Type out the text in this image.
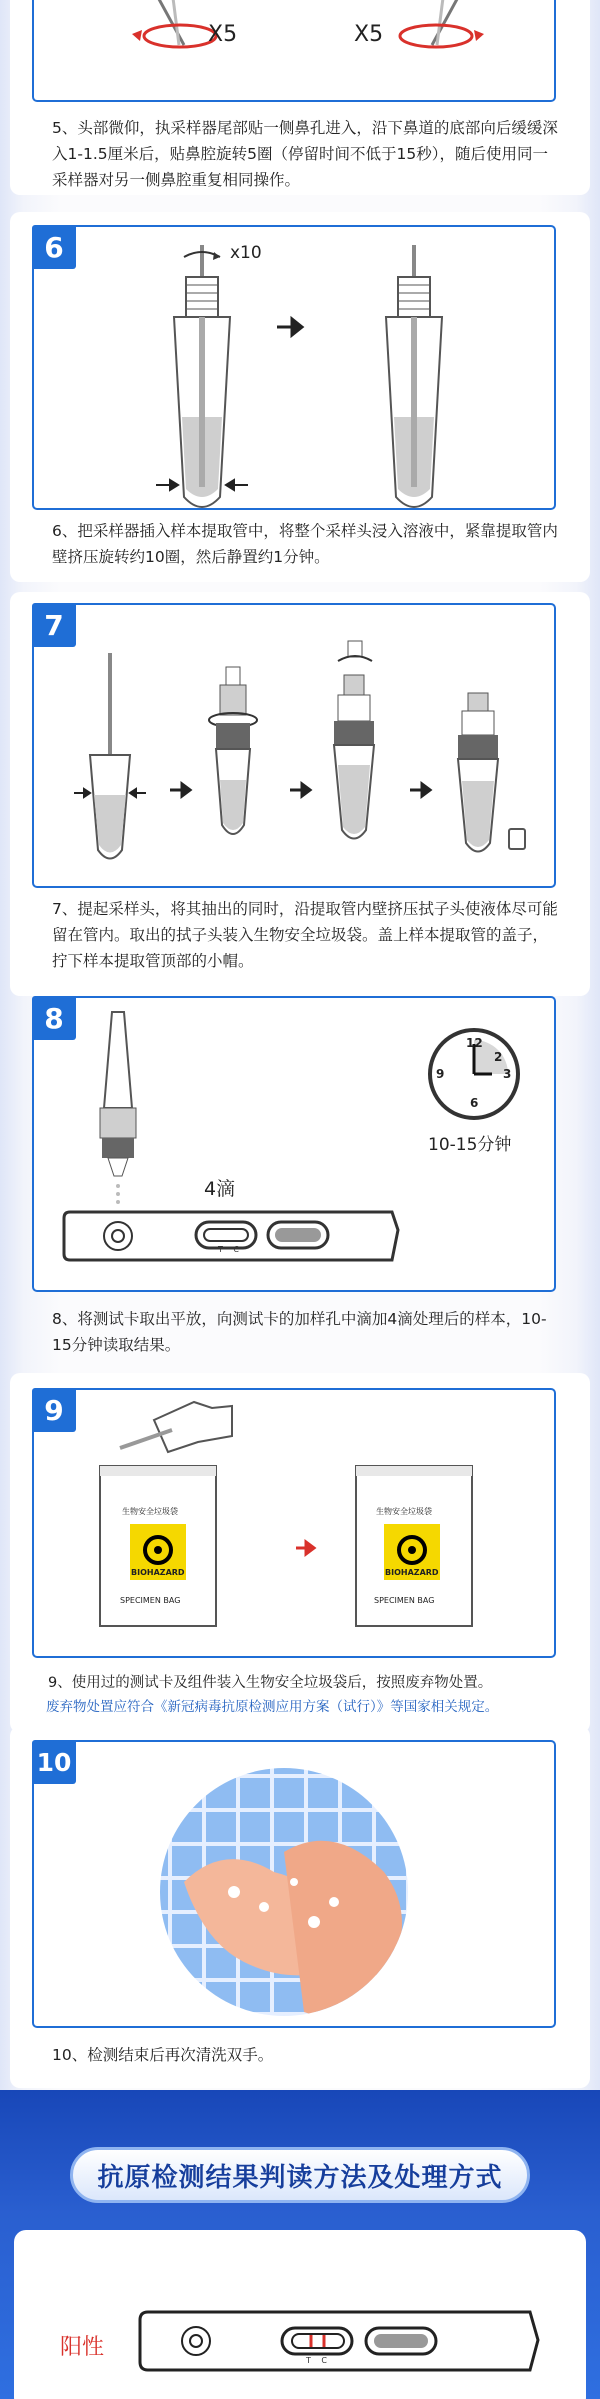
X5	X5
5、头部微仰，执采样器尾部贴一侧鼻孔进入，沿下鼻道的底部向后缓缓深入1-1.5厘米后，贴鼻腔旋转5圈（停留时间不低于15秒），随后使用同一采样器对另一侧鼻腔重复相同操作。
6	x10
6、把采样器插入样本提取管中，将整个采样头浸入溶液中，紧靠提取管内壁挤压旋转约10圈，然后静置约1分钟。
7
7、提起采样头，将其抽出的同时，沿提取管内壁挤压拭子头使液体尽可能留在管内。取出的拭子头装入生物安全垃圾袋。盖上样本提取管的盖子，拧下样本提取管顶部的小帽。
8
12
2
3
6
9
10-15分钟
4滴
T C
8、将测试卡取出平放，向测试卡的加样孔中滴加4滴处理后的样本，10-15分钟读取结果。
9
生物安全垃圾袋
BIOHAZARD
SPECIMEN BAG
生物安全垃圾袋
BIOHAZARD
SPECIMEN BAG
9、使用过的测试卡及组件装入生物安全垃圾袋后，按照废弃物处置。
废弃物处置应符合《新冠病毒抗原检测应用方案（试行）》等国家相关规定。
10
10、检测结束后再次清洗双手。
抗原检测结果判读方法及处理方式
阳性
T C
